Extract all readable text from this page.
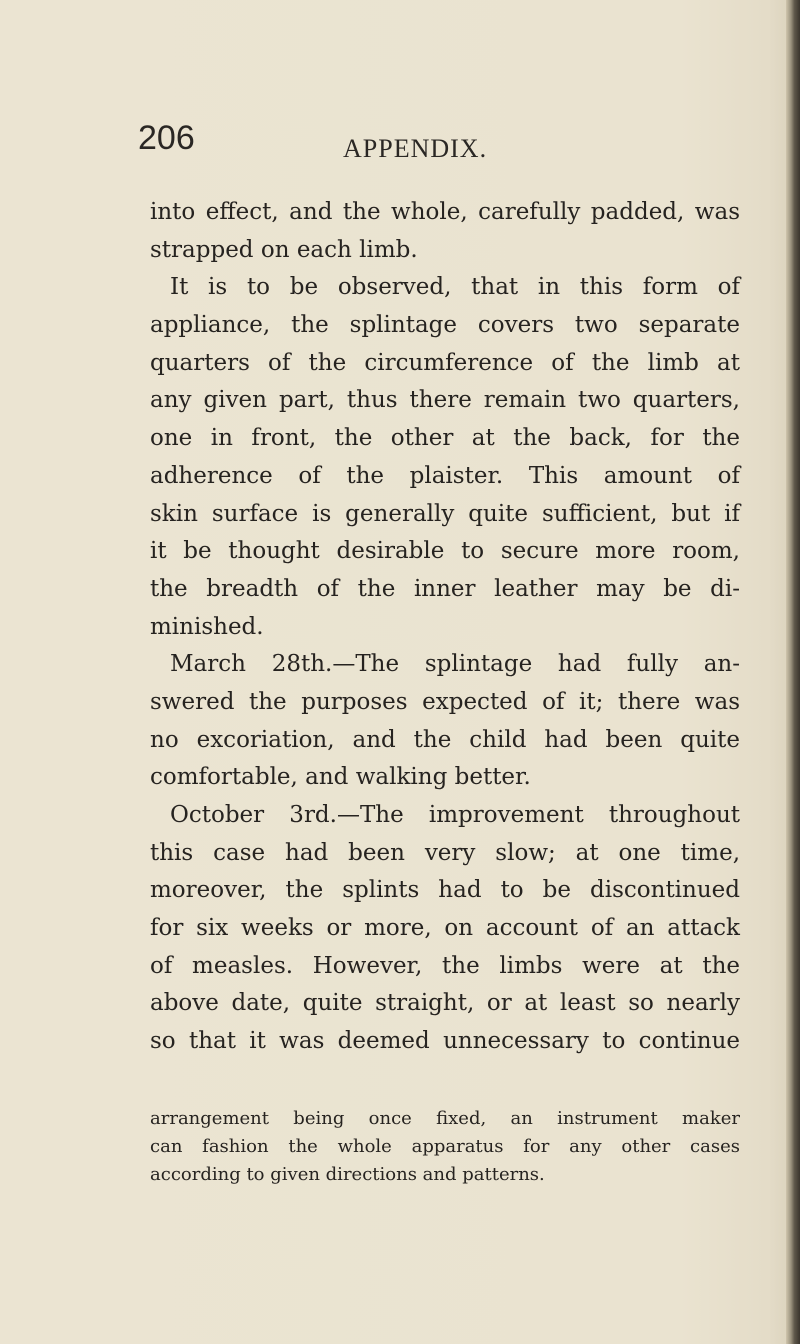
206	APPENDIX.
into effect, and the whole, carefully padded, was
strapped on each limb.
It is to be observed, that in this form of
appliance, the splintage covers two separate
quarters of the circumference of the limb at
any given part, thus there remain two quarters,
one in front, the other at the back, for the
adherence of the plaister. This amount of
skin surface is generally quite sufficient, but if
it be thought desirable to secure more room,
the breadth of the inner leather may be di-
minished.
March 28th.—The splintage had fully an-
swered the purposes expected of it; there was
no excoriation, and the child had been quite
comfortable, and walking better.
October 3rd.—The improvement throughout
this case had been very slow; at one time,
moreover, the splints had to be discontinued
for six weeks or more, on account of an attack
of measles. However, the limbs were at the
above date, quite straight, or at least so nearly
so that it was deemed unnecessary to continue
arrangement being once fixed, an instrument maker
can fashion the whole apparatus for any other cases
according to given directions and patterns.
